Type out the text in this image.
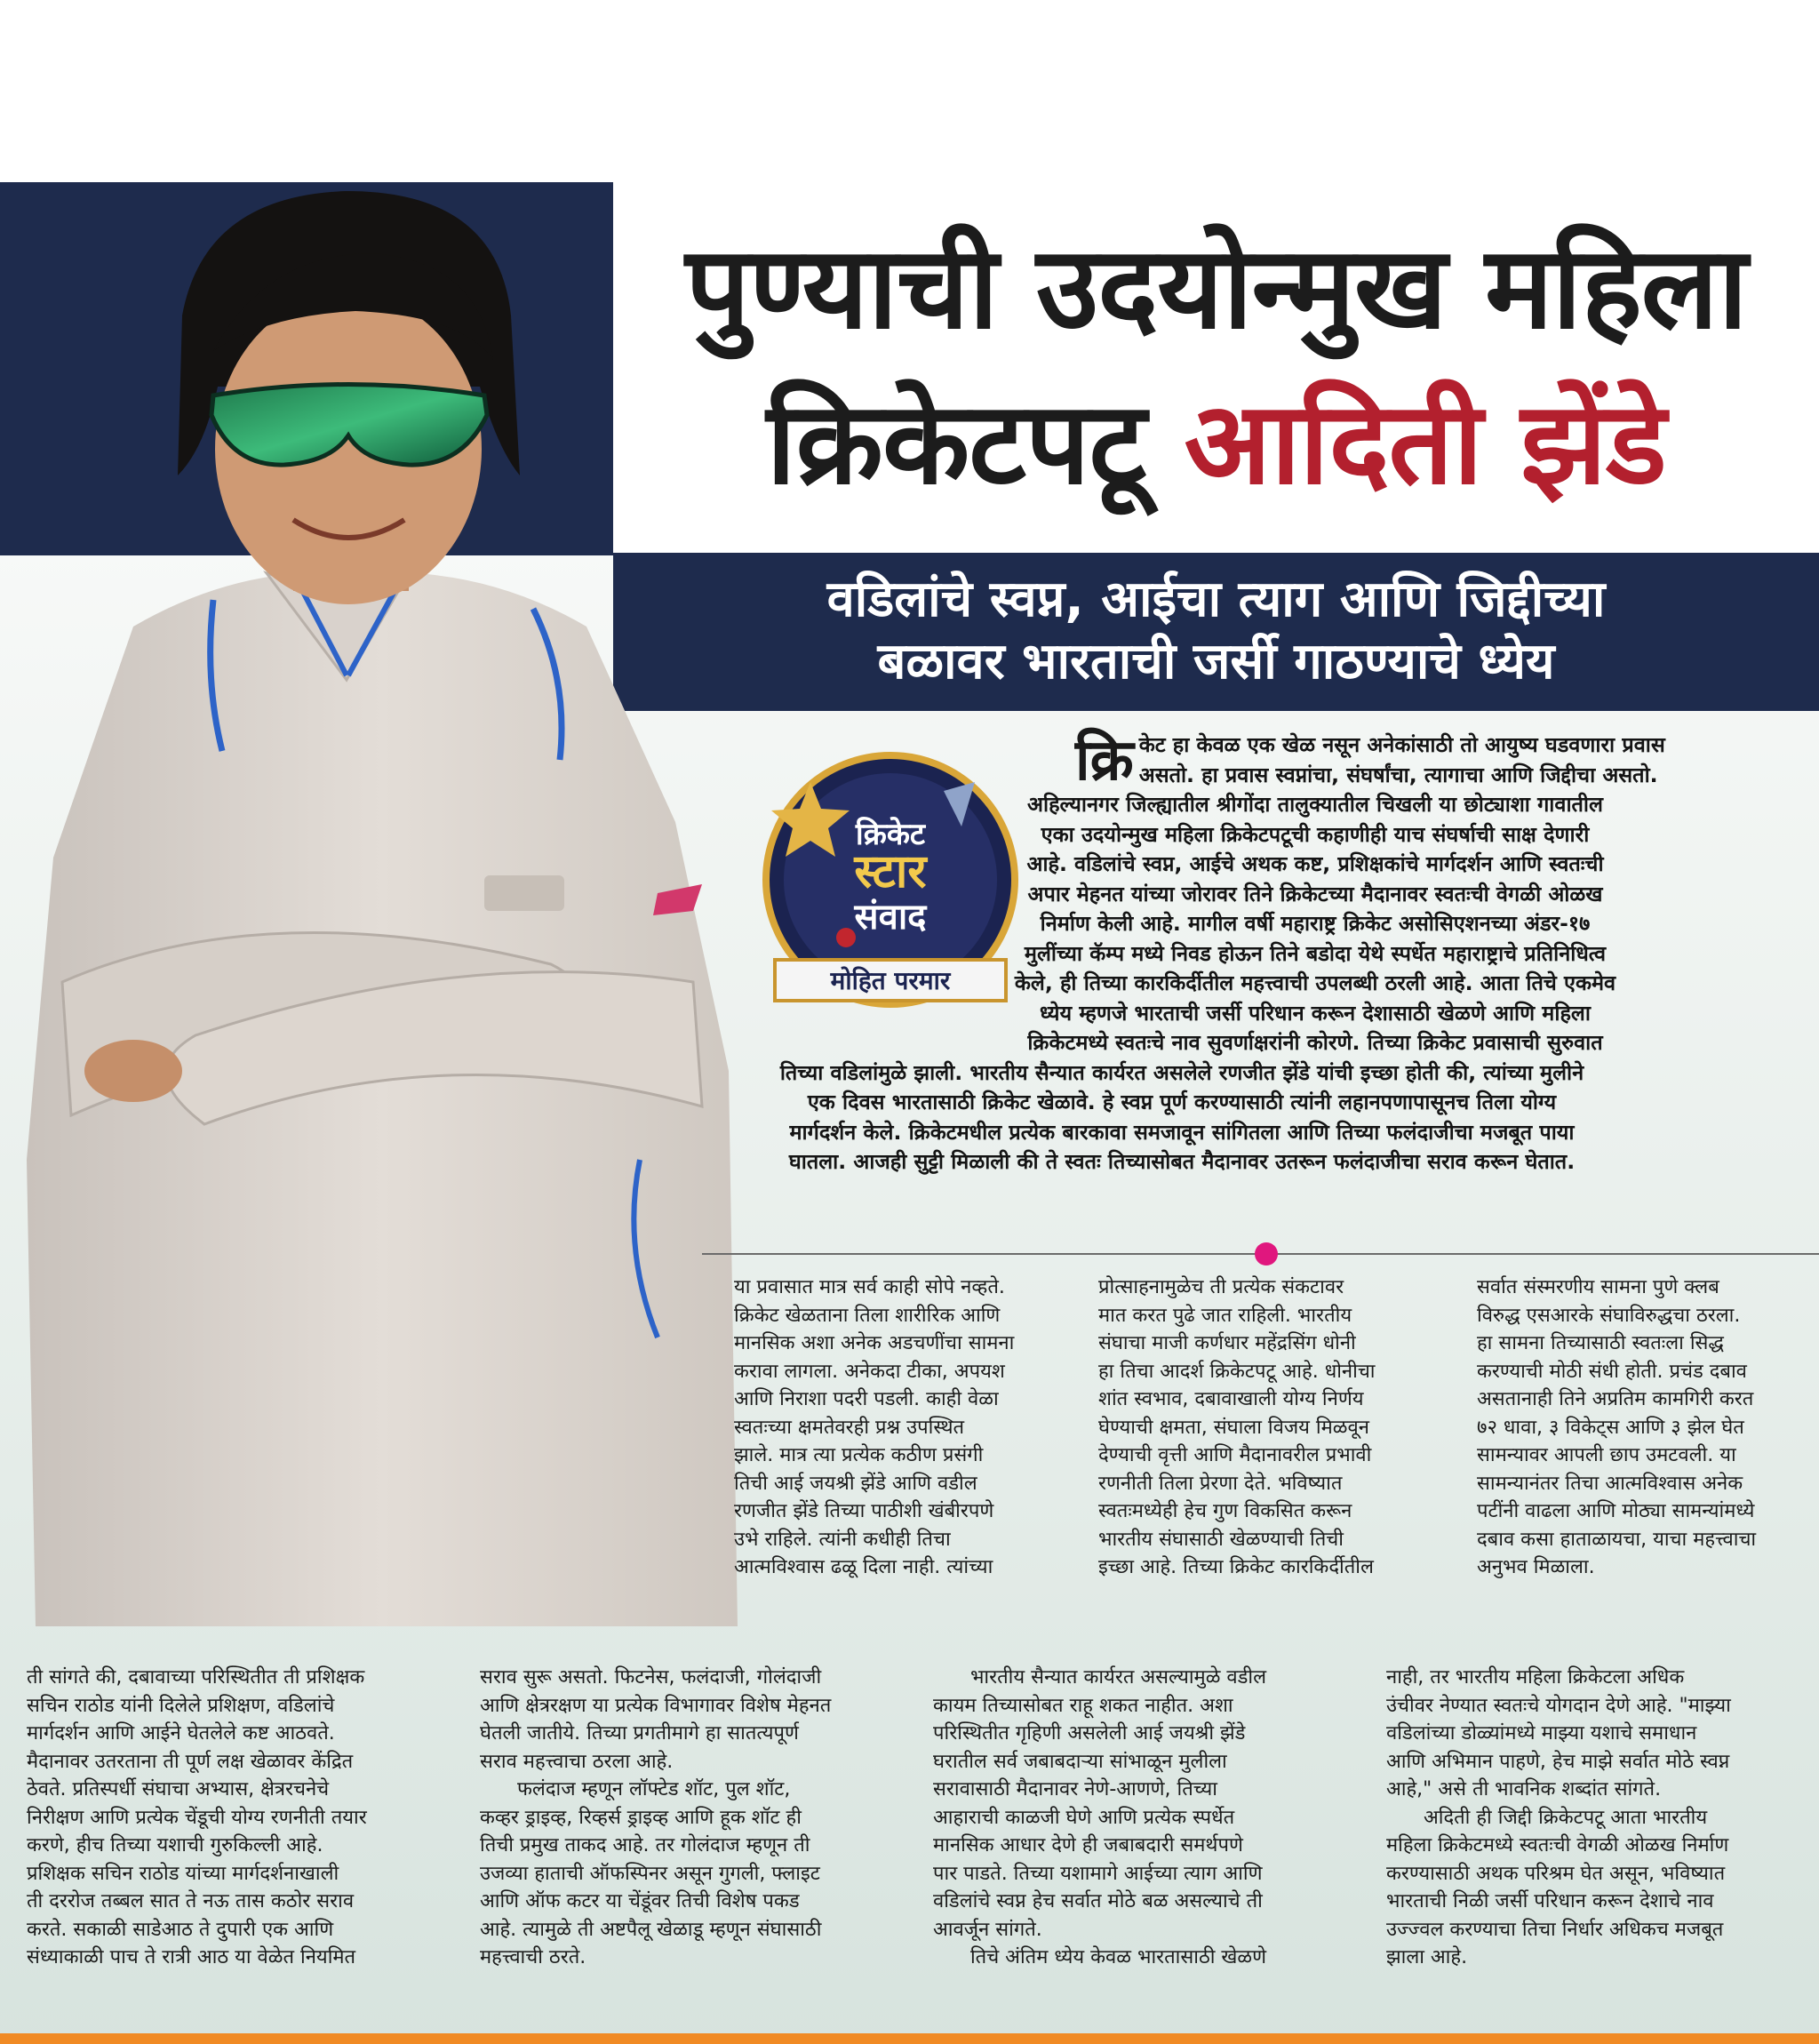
वडिलांचे स्वप्न, आईचा त्याग आणि जिद्दीच्या
बळावर भारताची जर्सी गाठण्याचे ध्येय
पुण्याची उदयोन्मुख महिला
क्रिकेटपटू आदिती झेंडे
क्रिकेट
स्टार
संवाद
मोहित परमार
क्रि केट हा केवळ एक खेळ नसून अनेकांसाठी तो आयुष्य घडवणारा प्रवास
असतो. हा प्रवास स्वप्नांचा, संघर्षांचा, त्यागाचा आणि जिद्दीचा असतो.
अहिल्यानगर जिल्ह्यातील श्रीगोंदा तालुक्यातील चिखली या छोट्याशा गावातील
एका उदयोन्मुख महिला क्रिकेटपटूची कहाणीही याच संघर्षाची साक्ष देणारी
आहे. वडिलांचे स्वप्न, आईचे अथक कष्ट, प्रशिक्षकांचे मार्गदर्शन आणि स्वतःची
अपार मेहनत यांच्या जोरावर तिने क्रिकेटच्या मैदानावर स्वतःची वेगळी ओळख
निर्माण केली आहे. मागील वर्षी महाराष्ट्र क्रिकेट असोसिएशनच्या अंडर-१७
मुलींच्या कॅम्प मध्ये निवड होऊन तिने बडोदा येथे स्पर्धेत महाराष्ट्राचे प्रतिनिधित्व
केले, ही तिच्या कारकिर्दीतील महत्त्वाची उपलब्धी ठरली आहे. आता तिचे एकमेव
ध्येय म्हणजे भारताची जर्सी परिधान करून देशासाठी खेळणे आणि महिला
क्रिकेटमध्ये स्वतःचे नाव सुवर्णाक्षरांनी कोरणे. तिच्या क्रिकेट प्रवासाची सुरुवात
तिच्या वडिलांमुळे झाली. भारतीय सैन्यात कार्यरत असलेले रणजीत झेंडे यांची इच्छा होती की, त्यांच्या मुलीने
एक दिवस भारतासाठी क्रिकेट खेळावे. हे स्वप्न पूर्ण करण्यासाठी त्यांनी लहानपणापासूनच तिला योग्य
मार्गदर्शन केले. क्रिकेटमधील प्रत्येक बारकावा समजावून सांगितला आणि तिच्या फलंदाजीचा मजबूत पाया
घातला. आजही सुट्टी मिळाली की ते स्वतः तिच्यासोबत मैदानावर उतरून फलंदाजीचा सराव करून घेतात.
या प्रवासात मात्र सर्व काही सोपे नव्हते.
क्रिकेट खेळताना तिला शारीरिक आणि
मानसिक अशा अनेक अडचणींचा सामना
करावा लागला. अनेकदा टीका, अपयश
आणि निराशा पदरी पडली. काही वेळा
स्वतःच्या क्षमतेवरही प्रश्न उपस्थित
झाले. मात्र त्या प्रत्येक कठीण प्रसंगी
तिची आई जयश्री झेंडे आणि वडील
रणजीत झेंडे तिच्या पाठीशी खंबीरपणे
उभे राहिले. त्यांनी कधीही तिचा
आत्मविश्वास ढळू दिला नाही. त्यांच्या
प्रोत्साहनामुळेच ती प्रत्येक संकटावर
मात करत पुढे जात राहिली. भारतीय
संघाचा माजी कर्णधार महेंद्रसिंग धोनी
हा तिचा आदर्श क्रिकेटपटू आहे. धोनीचा
शांत स्वभाव, दबावाखाली योग्य निर्णय
घेण्याची क्षमता, संघाला विजय मिळवून
देण्याची वृत्ती आणि मैदानावरील प्रभावी
रणनीती तिला प्रेरणा देते. भविष्यात
स्वतःमध्येही हेच गुण विकसित करून
भारतीय संघासाठी खेळण्याची तिची
इच्छा आहे. तिच्या क्रिकेट कारकिर्दीतील
सर्वात संस्मरणीय सामना पुणे क्लब
विरुद्ध एसआरके संघाविरुद्धचा ठरला.
हा सामना तिच्यासाठी स्वतःला सिद्ध
करण्याची मोठी संधी होती. प्रचंड दबाव
असतानाही तिने अप्रतिम कामगिरी करत
७२ धावा, ३ विकेट्स आणि ३ झेल घेत
सामन्यावर आपली छाप उमटवली. या
सामन्यानंतर तिचा आत्मविश्वास अनेक
पटींनी वाढला आणि मोठ्या सामन्यांमध्ये
दबाव कसा हाताळायचा, याचा महत्त्वाचा
अनुभव मिळाला.
ती सांगते की, दबावाच्या परिस्थितीत ती प्रशिक्षक
सचिन राठोड यांनी दिलेले प्रशिक्षण, वडिलांचे
मार्गदर्शन आणि आईने घेतलेले कष्ट आठवते.
मैदानावर उतरताना ती पूर्ण लक्ष खेळावर केंद्रित
ठेवते. प्रतिस्पर्धी संघाचा अभ्यास, क्षेत्ररचनेचे
निरीक्षण आणि प्रत्येक चेंडूची योग्य रणनीती तयार
करणे, हीच तिच्या यशाची गुरुकिल्ली आहे.
प्रशिक्षक सचिन राठोड यांच्या मार्गदर्शनाखाली
ती दररोज तब्बल सात ते नऊ तास कठोर सराव
करते. सकाळी साडेआठ ते दुपारी एक आणि
संध्याकाळी पाच ते रात्री आठ या वेळेत नियमित
सराव सुरू असतो. फिटनेस, फलंदाजी, गोलंदाजी
आणि क्षेत्ररक्षण या प्रत्येक विभागावर विशेष मेहनत
घेतली जातीये. तिच्या प्रगतीमागे हा सातत्यपूर्ण
सराव महत्त्वाचा ठरला आहे.
फलंदाज म्हणून लॉफ्टेड शॉट, पुल शॉट,
कव्हर ड्राइव्ह, रिव्हर्स ड्राइव्ह आणि हूक शॉट ही
तिची प्रमुख ताकद आहे. तर गोलंदाज म्हणून ती
उजव्या हाताची ऑफस्पिनर असून गुगली, फ्लाइट
आणि ऑफ कटर या चेंडूंवर तिची विशेष पकड
आहे. त्यामुळे ती अष्टपैलू खेळाडू म्हणून संघासाठी
महत्त्वाची ठरते.
भारतीय सैन्यात कार्यरत असल्यामुळे वडील
कायम तिच्यासोबत राहू शकत नाहीत. अशा
परिस्थितीत गृहिणी असलेली आई जयश्री झेंडे
घरातील सर्व जबाबदाऱ्या सांभाळून मुलीला
सरावासाठी मैदानावर नेणे-आणणे, तिच्या
आहाराची काळजी घेणे आणि प्रत्येक स्पर्धेत
मानसिक आधार देणे ही जबाबदारी समर्थपणे
पार पाडते. तिच्या यशामागे आईच्या त्याग आणि
वडिलांचे स्वप्न हेच सर्वात मोठे बळ असल्याचे ती
आवर्जून सांगते.
तिचे अंतिम ध्येय केवळ भारतासाठी खेळणे
नाही, तर भारतीय महिला क्रिकेटला अधिक
उंचीवर नेण्यात स्वतःचे योगदान देणे आहे. "माझ्या
वडिलांच्या डोळ्यांमध्ये माझ्या यशाचे समाधान
आणि अभिमान पाहणे, हेच माझे सर्वात मोठे स्वप्न
आहे," असे ती भावनिक शब्दांत सांगते.
अदिती ही जिद्दी क्रिकेटपटू आता भारतीय
महिला क्रिकेटमध्ये स्वतःची वेगळी ओळख निर्माण
करण्यासाठी अथक परिश्रम घेत असून, भविष्यात
भारताची निळी जर्सी परिधान करून देशाचे नाव
उज्ज्वल करण्याचा तिचा निर्धार अधिकच मजबूत
झाला आहे.
